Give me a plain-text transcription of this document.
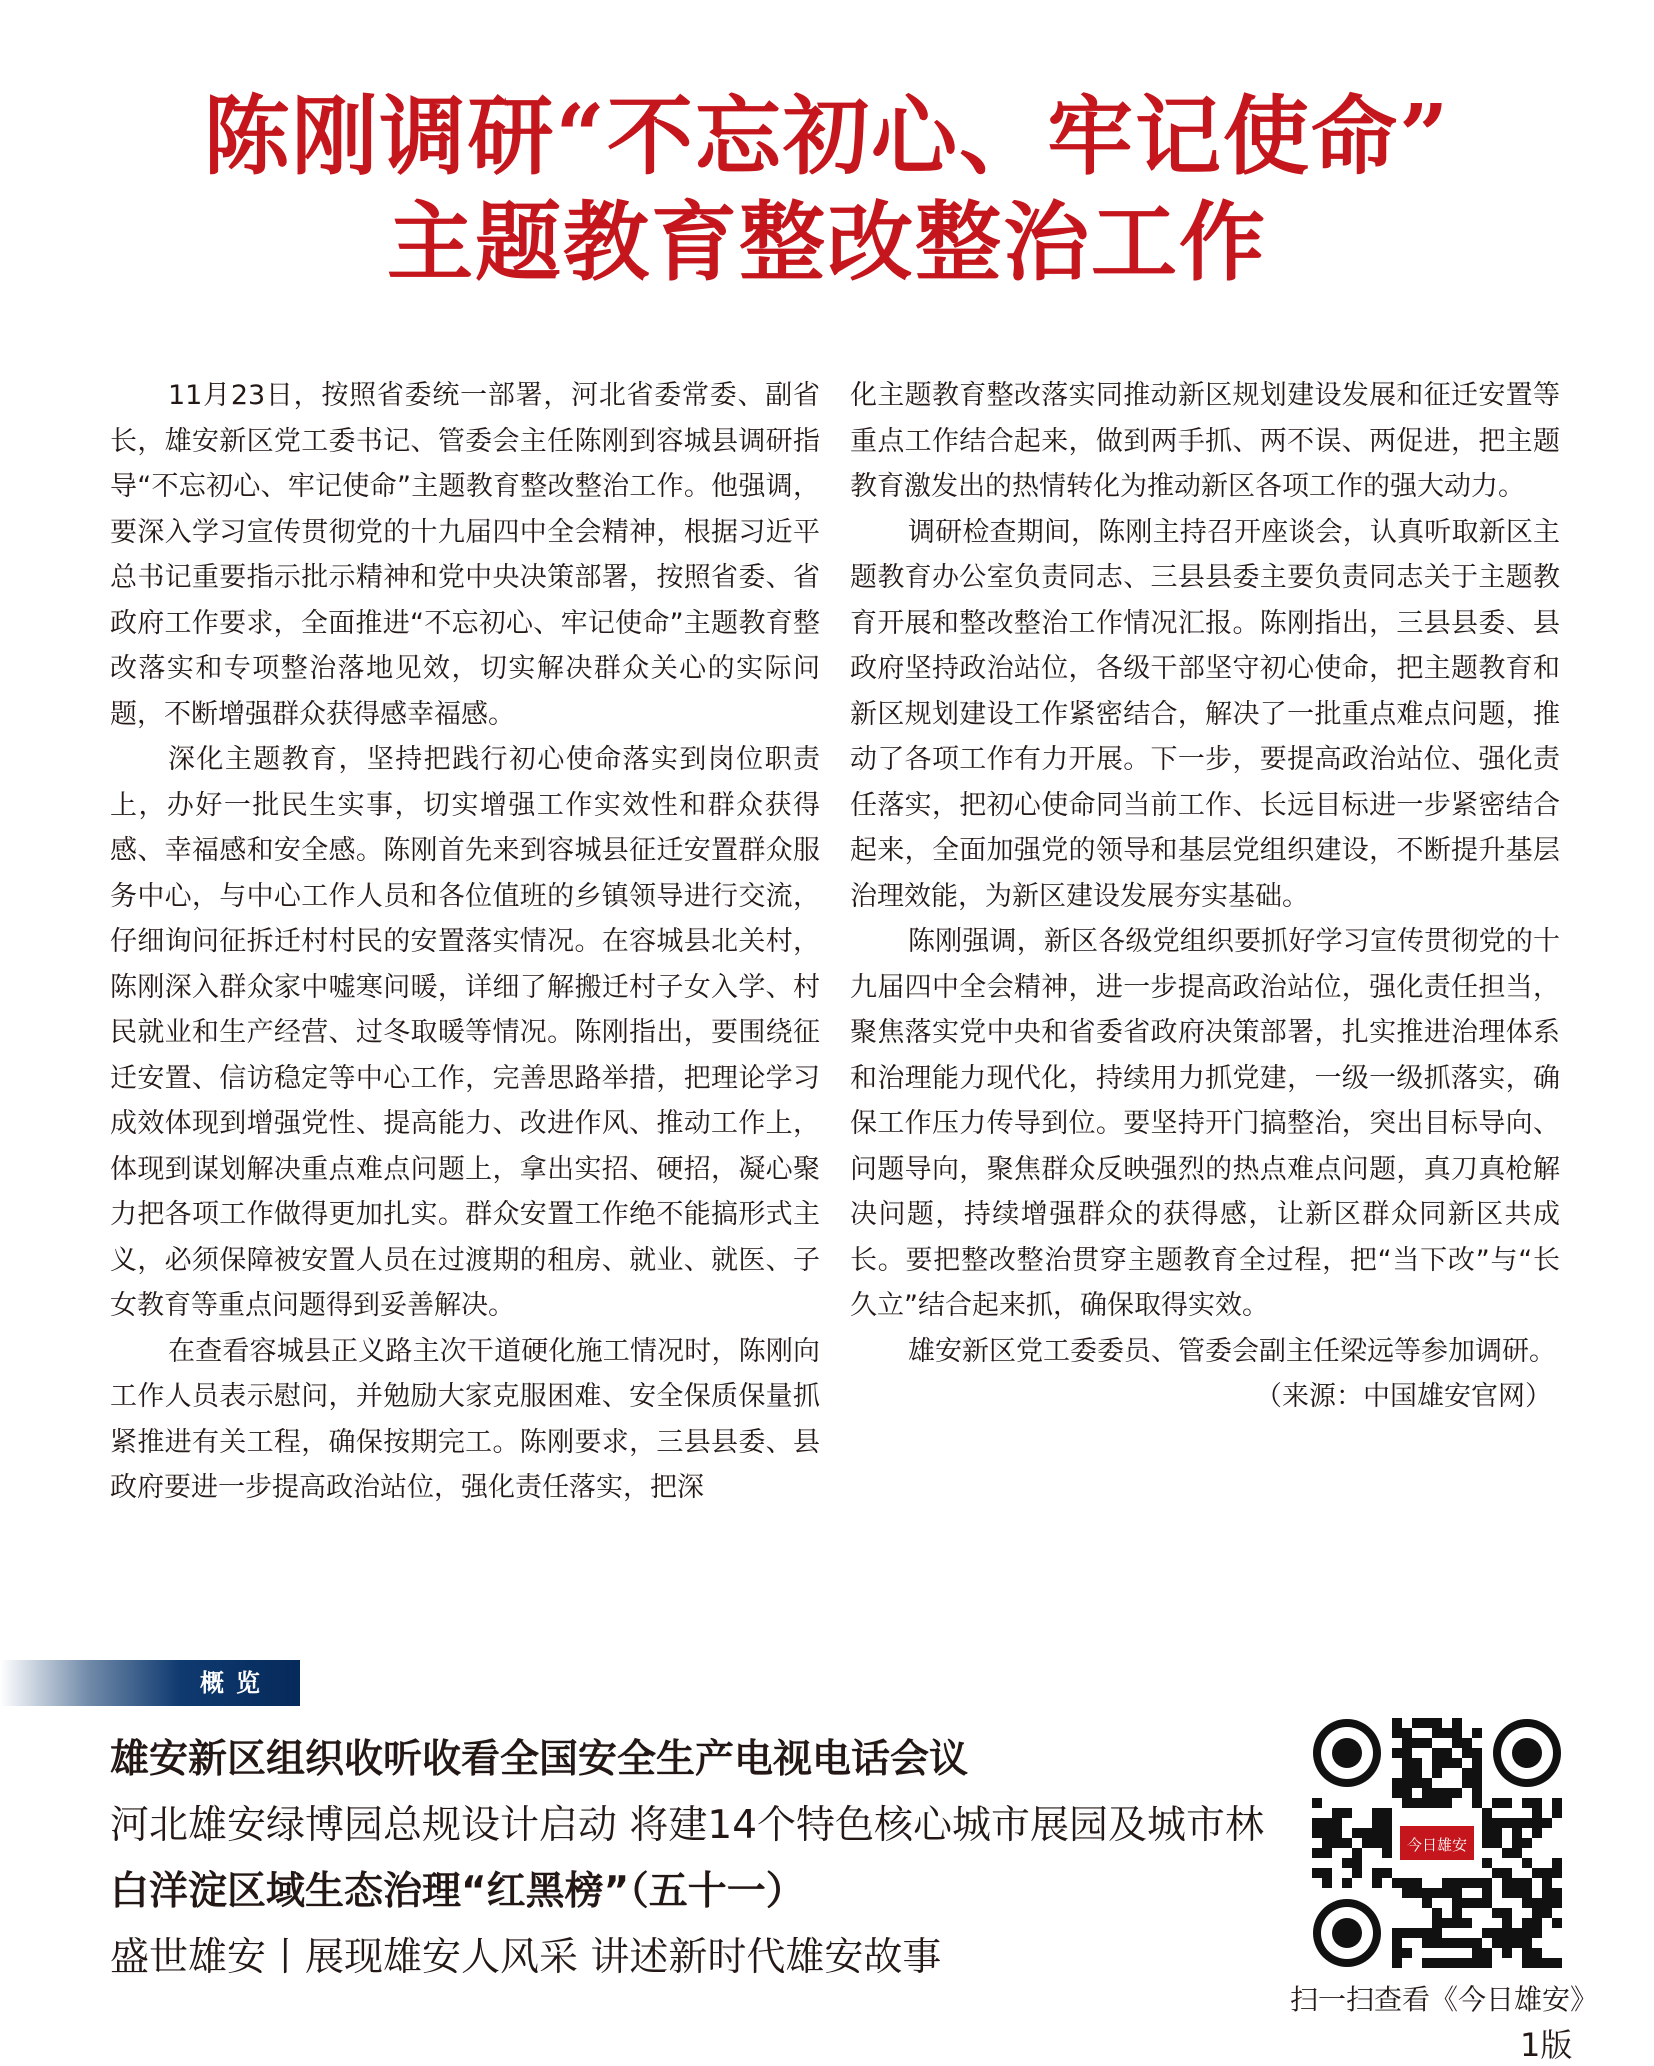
陈刚调研“不忘初心、牢记使命”
主题教育整改整治工作

11月23日，按照省委统一部署，河北省委常委、副省长，雄安新区党工委书记、管委会主任陈刚到容城县调研指导“不忘初心、牢记使命”主题教育整改整治工作。他强调，要深入学习宣传贯彻党的十九届四中全会精神，根据习近平总书记重要指示批示精神和党中央决策部署，按照省委、省政府工作要求，全面推进“不忘初心、牢记使命”主题教育整改落实和专项整治落地见效，切实解决群众关心的实际问题，不断增强群众获得感幸福感。

深化主题教育，坚持把践行初心使命落实到岗位职责上，办好一批民生实事，切实增强工作实效性和群众获得感、幸福感和安全感。陈刚首先来到容城县征迁安置群众服务中心，与中心工作人员和各位值班的乡镇领导进行交流，仔细询问征拆迁村村民的安置落实情况。在容城县北关村，陈刚深入群众家中嘘寒问暖，详细了解搬迁村子女入学、村民就业和生产经营、过冬取暖等情况。陈刚指出，要围绕征迁安置、信访稳定等中心工作，完善思路举措，把理论学习成效体现到增强党性、提高能力、改进作风、推动工作上，体现到谋划解决重点难点问题上，拿出实招、硬招，凝心聚力把各项工作做得更加扎实。群众安置工作绝不能搞形式主义，必须保障被安置人员在过渡期的租房、就业、就医、子女教育等重点问题得到妥善解决。

在查看容城县正义路主次干道硬化施工情况时，陈刚向工作人员表示慰问，并勉励大家克服困难、安全保质保量抓紧推进有关工程，确保按期完工。陈刚要求，三县县委、县政府要进一步提高政治站位，强化责任落实，把深

化主题教育整改落实同推动新区规划建设发展和征迁安置等重点工作结合起来，做到两手抓、两不误、两促进，把主题教育激发出的热情转化为推动新区各项工作的强大动力。

调研检查期间，陈刚主持召开座谈会，认真听取新区主题教育办公室负责同志、三县县委主要负责同志关于主题教育开展和整改整治工作情况汇报。陈刚指出，三县县委、县政府坚持政治站位，各级干部坚守初心使命，把主题教育和新区规划建设工作紧密结合，解决了一批重点难点问题，推动了各项工作有力开展。下一步，要提高政治站位、强化责任落实，把初心使命同当前工作、长远目标进一步紧密结合起来，全面加强党的领导和基层党组织建设，不断提升基层治理效能，为新区建设发展夯实基础。

陈刚强调，新区各级党组织要抓好学习宣传贯彻党的十九届四中全会精神，进一步提高政治站位，强化责任担当，聚焦落实党中央和省委省政府决策部署，扎实推进治理体系和治理能力现代化，持续用力抓党建，一级一级抓落实，确保工作压力传导到位。要坚持开门搞整治，突出目标导向、问题导向，聚焦群众反映强烈的热点难点问题，真刀真枪解决问题，持续增强群众的获得感，让新区群众同新区共成长。要把整改整治贯穿主题教育全过程，把“当下改”与“长久立”结合起来抓，确保取得实效。

雄安新区党工委委员、管委会副主任梁远等参加调研。

（来源：中国雄安官网）

概览
雄安新区组织收听收看全国安全生产电视电话会议
河北雄安绿博园总规设计启动 将建14个特色核心城市展园及城市林
白洋淀区域生态治理“红黑榜”（五十一）
盛世雄安丨展现雄安人风采 讲述新时代雄安故事
今日雄安
扫一扫查看《今日雄安》
1版
